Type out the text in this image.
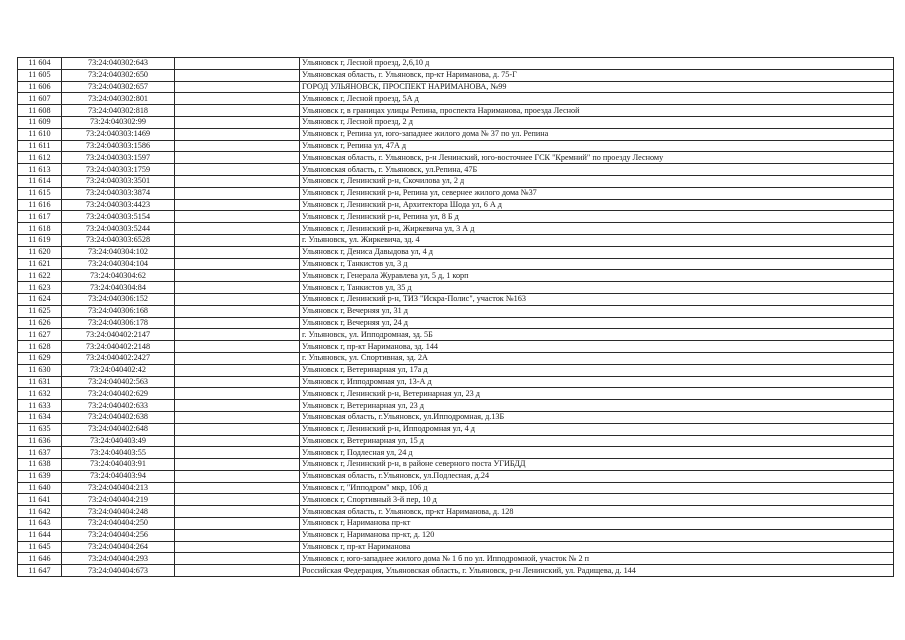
11 604	73:24:040302:643		Ульяновск г, Лесной проезд, 2,6,10 д
11 605	73:24:040302:650		Ульяновская область, г. Ульяновск, пр-кт Нариманова, д. 75-Г
11 606	73:24:040302:657		ГОРОД УЛЬЯНОВСК, ПРОСПЕКТ НАРИМАНОВА, №99
11 607	73:24:040302:801		Ульяновск г, Лесной проезд, 5А д
11 608	73:24:040302:818		Ульяновск г, в границах улицы Репина, проспекта Нариманова, проезда Лесной
11 609	73:24:040302:99		Ульяновск г, Лесной проезд, 2 д
11 610	73:24:040303:1469		Ульяновск г, Репина ул, юго-западнее жилого дома № 37 по ул. Репина
11 611	73:24:040303:1586		Ульяновск г, Репина ул, 47А д
11 612	73:24:040303:1597		Ульяновская область, г. Ульяновск, р-н Ленинский, юго-восточнее ГСК "Кремний" по проезду Лесному
11 613	73:24:040303:1759		Ульяновская область, г. Ульяновск, ул.Репина, 47Б
11 614	73:24:040303:3501		Ульяновск г, Ленинский р-н, Скочилова ул, 2 д
11 615	73:24:040303:3874		Ульяновск г, Ленинский р-н, Репина ул, севернее жилого дома №37
11 616	73:24:040303:4423		Ульяновск г, Ленинский р-н, Архитектора Шода ул, 6 А д
11 617	73:24:040303:5154		Ульяновск г, Ленинский р-н, Репина ул, 8 Б д
11 618	73:24:040303:5244		Ульяновск г, Ленинский р-н, Жиркевича ул, 3 А д
11 619	73:24:040303:6528		г. Ульяновск, ул. Жиркевича, зд. 4
11 620	73:24:040304:102		Ульяновск г, Дениса Давыдова ул, 4 д
11 621	73:24:040304:104		Ульяновск г, Танкистов ул, 3 д
11 622	73:24:040304:62		Ульяновск г, Генерала Журавлева ул, 5 д, 1 корп
11 623	73:24:040304:84		Ульяновск г, Танкистов ул, 35 д
11 624	73:24:040306:152		Ульяновск г, Ленинский р-н, ТИЗ "Искра-Полис", участок №163
11 625	73:24:040306:168		Ульяновск г, Вечерняя ул, 31 д
11 626	73:24:040306:178		Ульяновск г, Вечерняя ул, 24 д
11 627	73:24:040402:2147		г. Ульяновск, ул. Ипподромная, зд. 5Б
11 628	73:24:040402:2148		Ульяновск г, пр-кт Нариманова, зд. 144
11 629	73:24:040402:2427		г. Ульяновск, ул. Спортивная, зд. 2А
11 630	73:24:040402:42		Ульяновск г, Ветеринарная ул, 17а д
11 631	73:24:040402:563		Ульяновск г, Ипподромная ул, 13-А д
11 632	73:24:040402:629		Ульяновск г, Ленинский р-н, Ветеринарная ул, 23 д
11 633	73:24:040402:633		Ульяновск г, Ветеринарная ул, 23 д
11 634	73:24:040402:638		Ульяновская область, г.Ульяновск, ул.Ипподромная, д.13Б
11 635	73:24:040402:648		Ульяновск г, Ленинский р-н, Ипподромная ул, 4 д
11 636	73:24:040403:49		Ульяновск г, Ветеринарная ул, 15 д
11 637	73:24:040403:55		Ульяновск г, Подлесная ул, 24 д
11 638	73:24:040403:91		Ульяновск г, Ленинский р-н, в районе северного поста УГИБДД
11 639	73:24:040403:94		Ульяновская область, г.Ульяновск, ул.Подлесная, д.24
11 640	73:24:040404:213		Ульяновск г, "Ипподром" мкр, 106 д
11 641	73:24:040404:219		Ульяновск г, Спортивный 3-й пер, 10 д
11 642	73:24:040404:248		Ульяновская область, г. Ульяновск, пр-кт Нариманова, д. 128
11 643	73:24:040404:250		Ульяновск г, Нариманова пр-кт
11 644	73:24:040404:256		Ульяновск г, Нариманова пр-кт, д. 120
11 645	73:24:040404:264		Ульяновск г, пр-кт Нариманова
11 646	73:24:040404:293		Ульяновск г, юго-западнее жилого дома № 1 б по ул. Ипподромной, участок № 2 п
11 647	73:24:040404:673		Российская Федерация, Ульяновская область, г. Ульяновск, р-н Ленинский, ул. Радищева, д. 144
